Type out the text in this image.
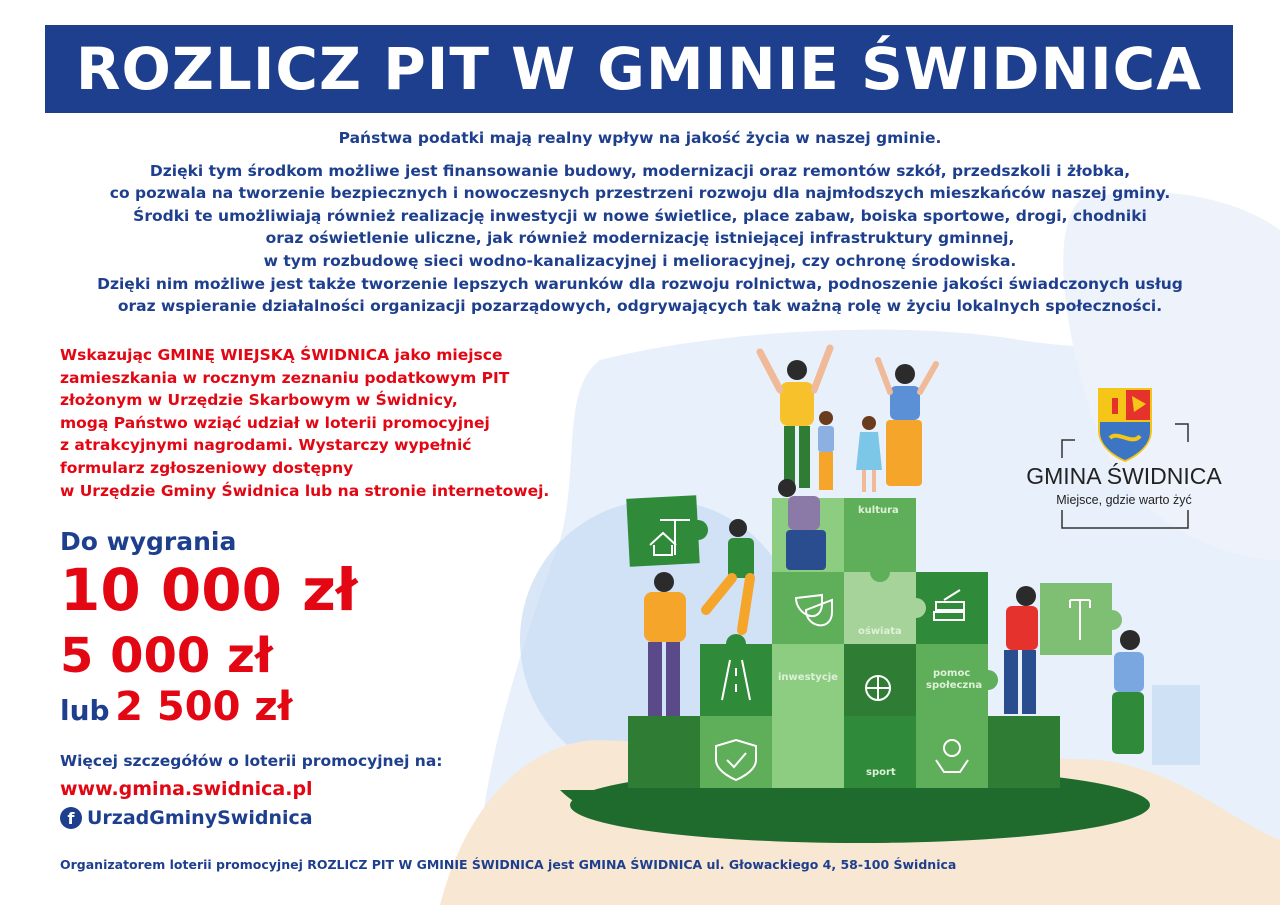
kultura
oświata
inwestycje	pomoc
społeczna
sport
ROZLICZ PIT W GMINIE ŚWIDNICA
Państwa podatki mają realny wpływ na jakość życia w naszej gminie.
Dzięki tym środkom możliwe jest finansowanie budowy, modernizacji oraz remontów szkół, przedszkoli i żłobka,
co pozwala na tworzenie bezpiecznych i nowoczesnych przestrzeni rozwoju dla najmłodszych mieszkańców naszej gminy.
Środki te umożliwiają również realizację inwestycji w nowe świetlice, place zabaw, boiska sportowe, drogi, chodniki
oraz oświetlenie uliczne, jak również modernizację istniejącej infrastruktury gminnej,
w tym rozbudowę sieci wodno-kanalizacyjnej i melioracyjnej, czy ochronę środowiska.
Dzięki nim możliwe jest także tworzenie lepszych warunków dla rozwoju rolnictwa, podnoszenie jakości świadczonych usług
oraz wspieranie działalności organizacji pozarządowych, odgrywających tak ważną rolę w życiu lokalnych społeczności.
Wskazując GMINĘ WIEJSKĄ ŚWIDNICA jako miejsce
zamieszkania w rocznym zeznaniu podatkowym PIT
złożonym w Urzędzie Skarbowym w Świdnicy,
mogą Państwo wziąć udział w loterii promocyjnej
z atrakcyjnymi nagrodami. Wystarczy wypełnić
formularz zgłoszeniowy dostępny
w Urzędzie Gminy Świdnica lub na stronie internetowej.
Do wygrania
10 000 zł
5 000 zł
lub 2 500 zł
Więcej szczegółów o loterii promocyjnej na:
www.gmina.swidnica.pl
f UrzadGminySwidnica
Organizatorem loterii promocyjnej ROZLICZ PIT W GMINIE ŚWIDNICA jest GMINA ŚWIDNICA ul. Głowackiego 4, 58-100 Świdnica
GMINA ŚWIDNICA
Miejsce, gdzie warto żyć
